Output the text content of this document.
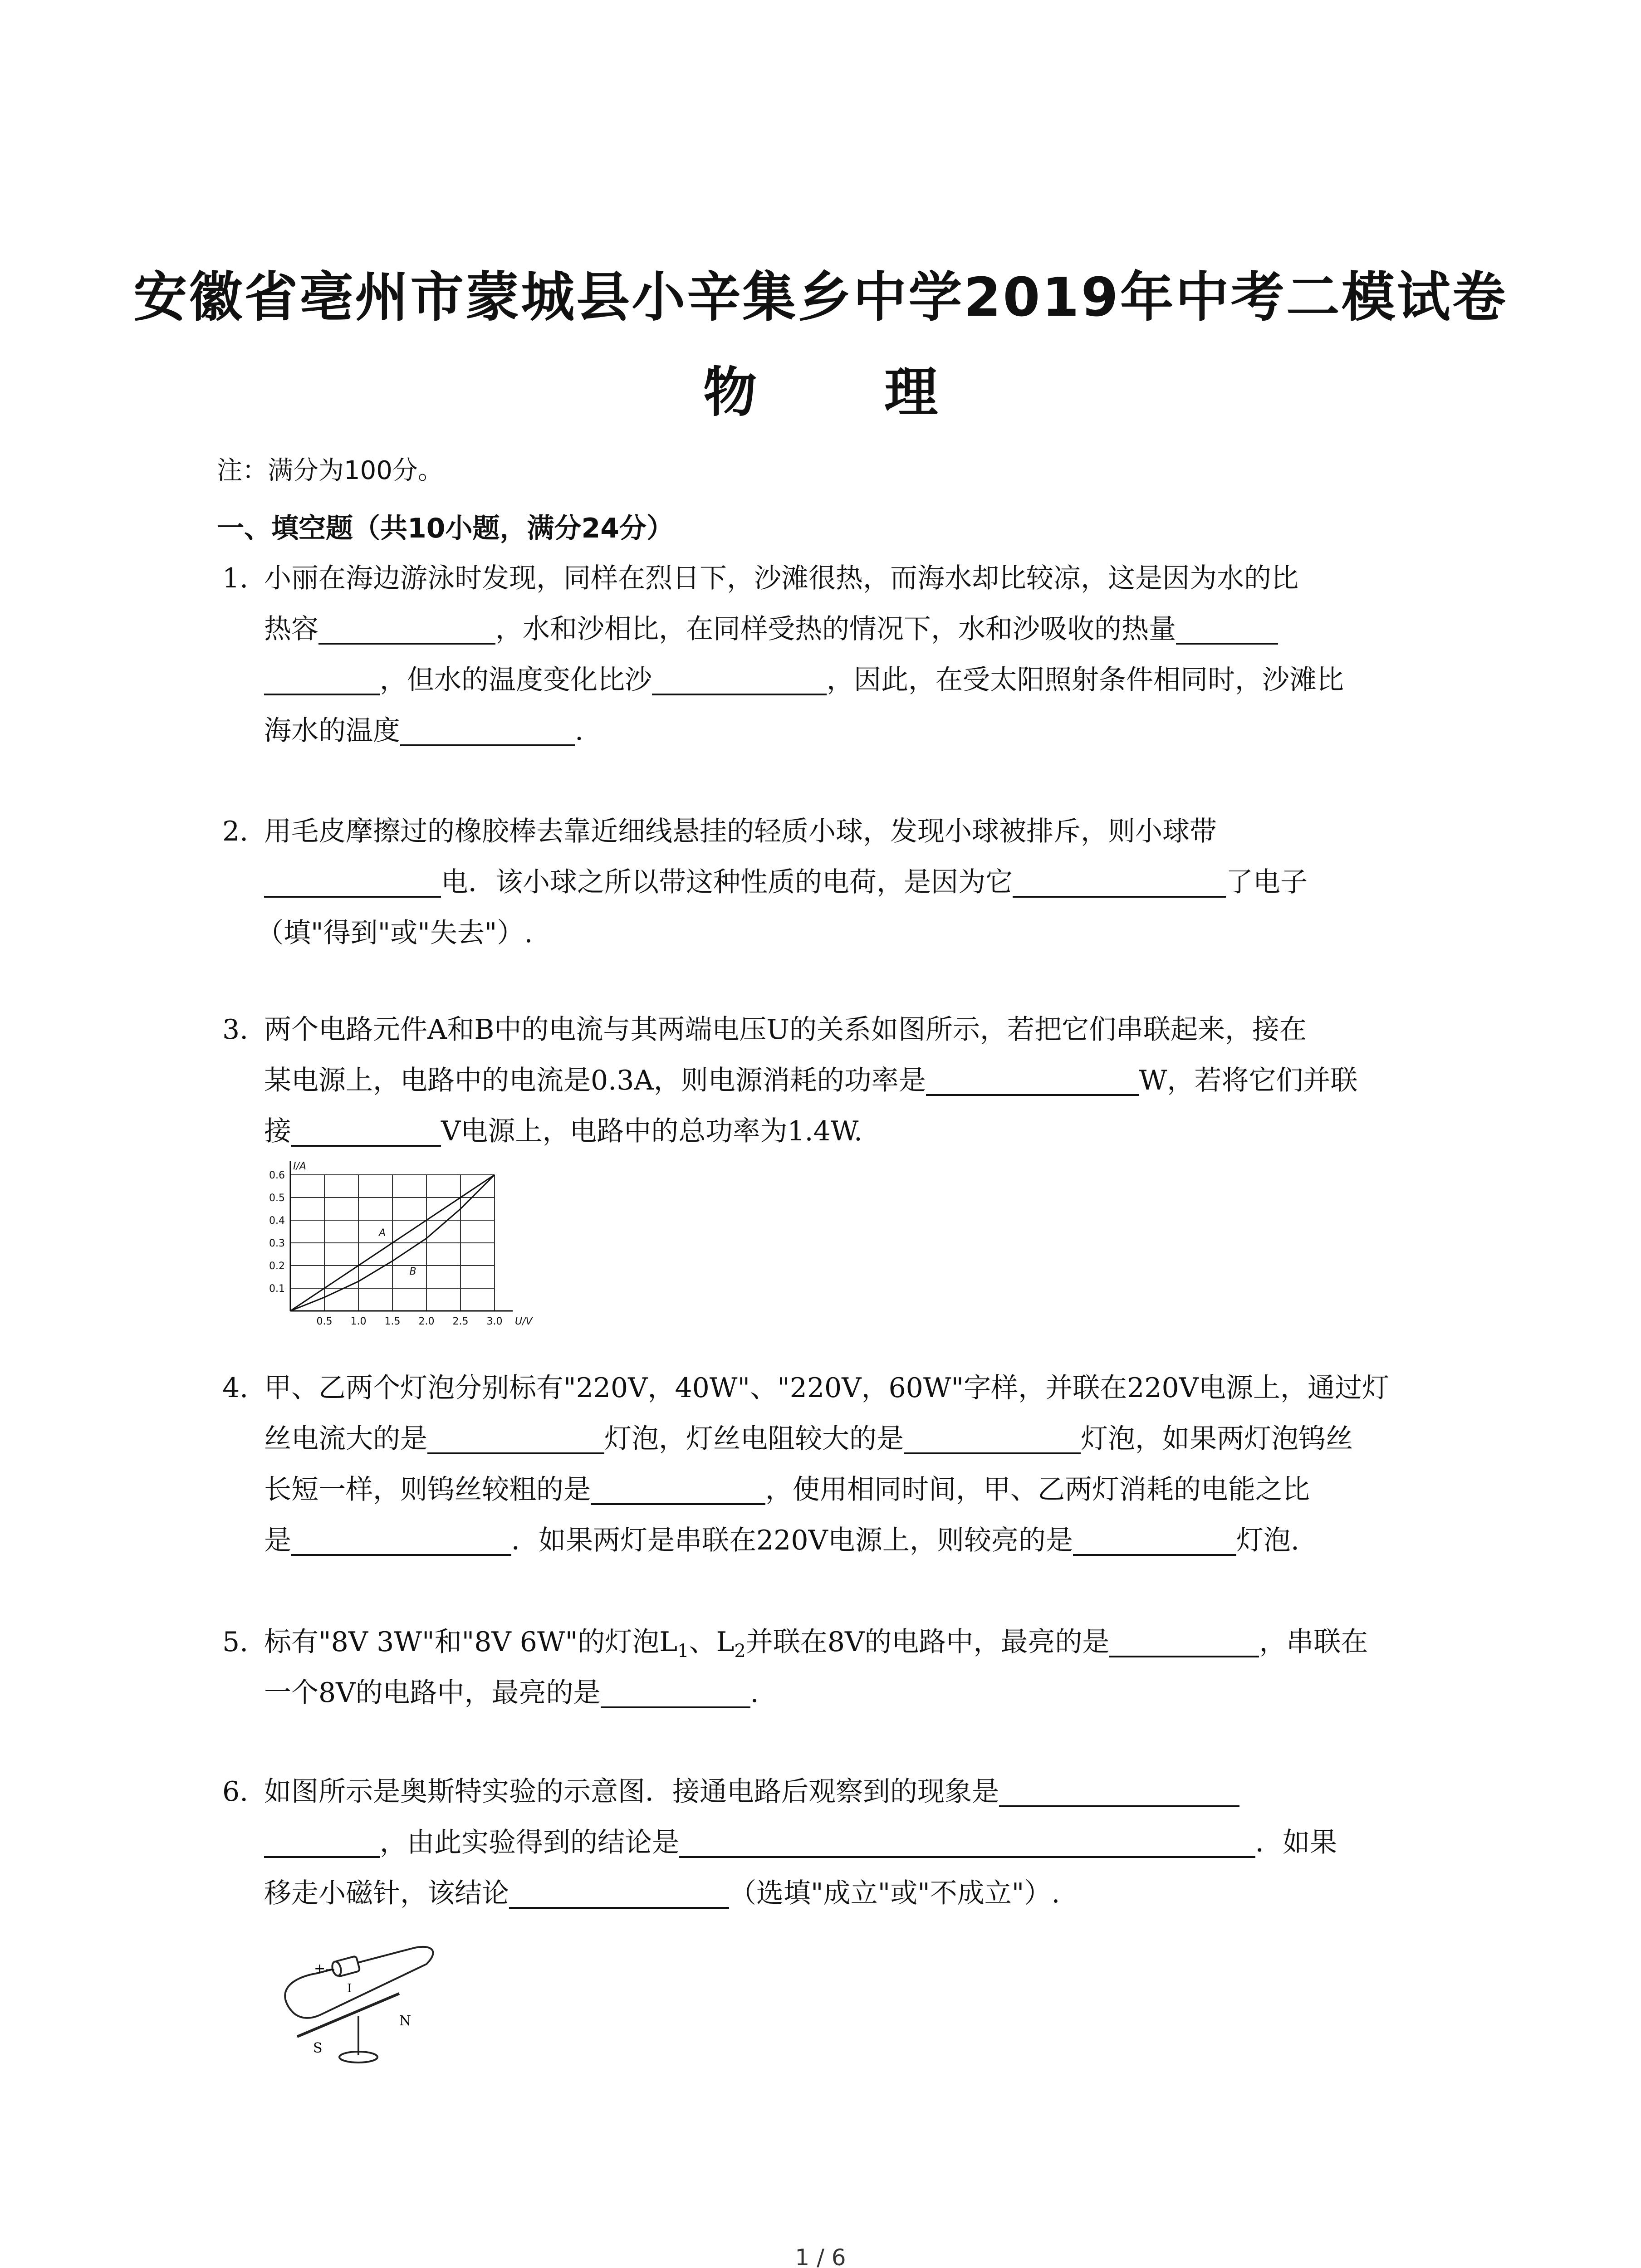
安徽省亳州市蒙城县小辛集乡中学2019年中考二模试卷
物 理
注：满分为100分。
一、填空题（共10小题，满分24分）
1. 小丽在海边游泳时发现，同样在烈日下，沙滩很热，而海水却比较凉，这是因为水的比
热容	，水和沙相比，在同样受热的情况下，水和沙吸收的热量
，但水的温度变化比沙	，因此，在受太阳照射条件相同时，沙滩比
海水的温度	.
2. 用毛皮摩擦过的橡胶棒去靠近细线悬挂的轻质小球，发现小球被排斥，则小球带
电．该小球之所以带这种性质的电荷，是因为它	了电子
（填"得到"或"失去"）.
3. 两个电路元件A和B中的电流与其两端电压U的关系如图所示，若把它们串联起来，接在
某电源上，电路中的电流是0.3A，则电源消耗的功率是	W，若将它们并联
接	V电源上，电路中的总功率为1.4W.
0.5 1.0 1.5 2.0 2.5 3.0
0.1
0.2
0.3
0.4
0.5
0.6
U/V
I/A
A
B
4. 甲、乙两个灯泡分别标有"220V，40W"、"220V，60W"字样，并联在220V电源上，通过灯
丝电流大的是	灯泡，灯丝电阻较大的是	灯泡，如果两灯泡钨丝
长短一样，则钨丝较粗的是	，使用相同时间，甲、乙两灯消耗的电能之比
是	．如果两灯是串联在220V电源上，则较亮的是	灯泡.
5. 标有"8V 3W"和"8V 6W"的灯泡$L_1$、$L_2$并联在8V的电路中，最亮的是	，串联在
一个8V的电路中，最亮的是	.
6. 如图所示是奥斯特实验的示意图．接通电路后观察到的现象是
，由此实验得到的结论是	．如果
移走小磁针，该结论	（选填"成立"或"不成立"）.
+
−
I
N
S
1 / 6
